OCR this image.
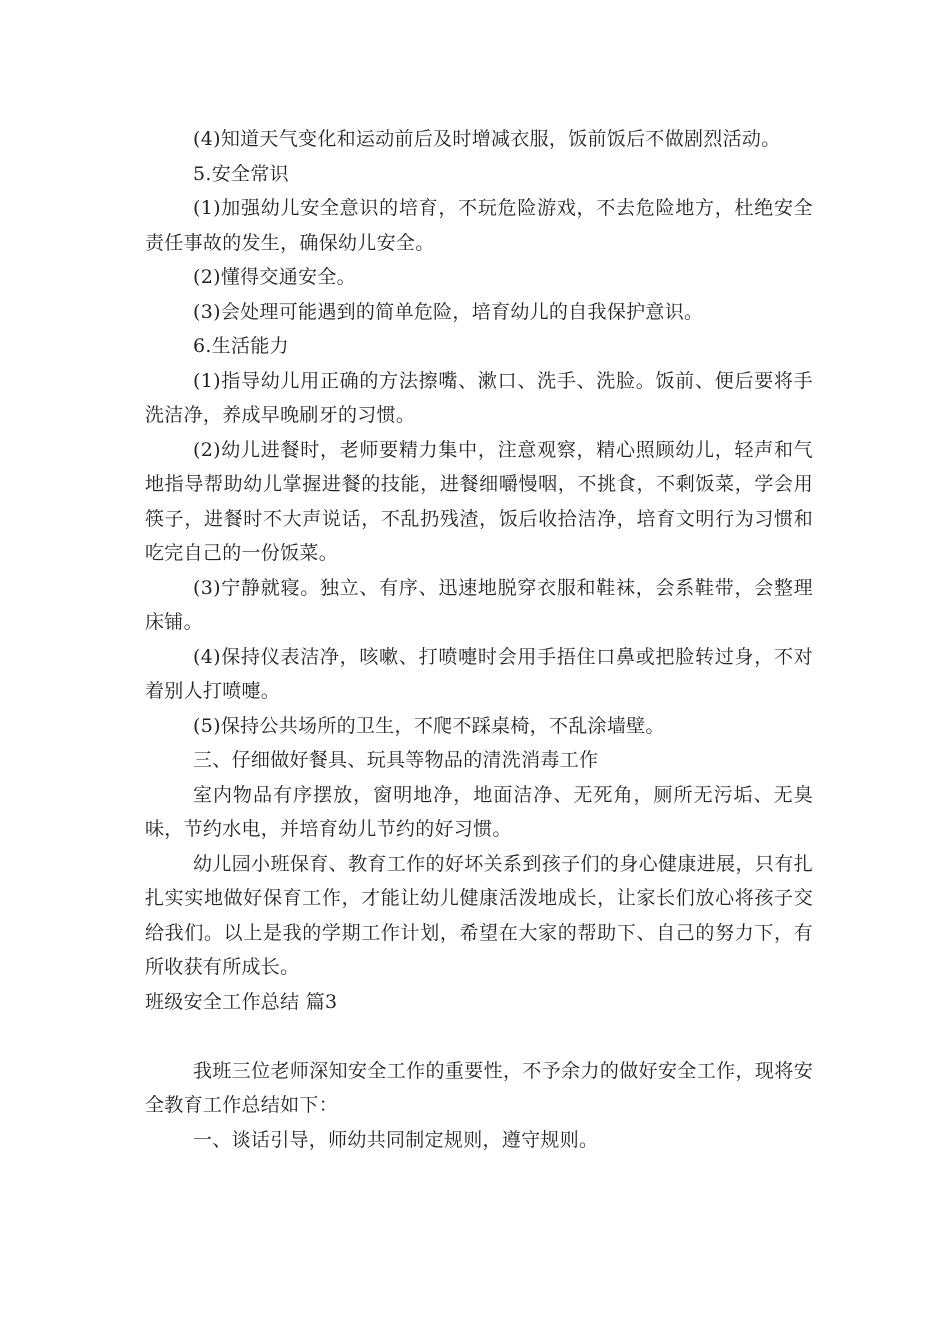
(4)知道天气变化和运动前后及时增减衣服，饭前饭后不做剧烈活动。

5.安全常识

(1)加强幼儿安全意识的培育，不玩危险游戏，不去危险地方，杜绝安全责任事故的发生，确保幼儿安全。

(2)懂得交通安全。

(3)会处理可能遇到的简单危险，培育幼儿的自我保护意识。

6.生活能力

(1)指导幼儿用正确的方法擦嘴、漱口、洗手、洗脸。饭前、便后要将手洗洁净，养成早晚刷牙的习惯。

(2)幼儿进餐时，老师要精力集中，注意观察，精心照顾幼儿，轻声和气地指导帮助幼儿掌握进餐的技能，进餐细嚼慢咽，不挑食，不剩饭菜，学会用筷子，进餐时不大声说话，不乱扔残渣，饭后收拾洁净，培育文明行为习惯和吃完自己的一份饭菜。

(3)宁静就寝。独立、有序、迅速地脱穿衣服和鞋袜，会系鞋带，会整理床铺。

(4)保持仪表洁净，咳嗽、打喷嚏时会用手捂住口鼻或把脸转过身，不对着别人打喷嚏。

(5)保持公共场所的卫生，不爬不踩桌椅，不乱涂墙壁。

三、仔细做好餐具、玩具等物品的清洗消毒工作

室内物品有序摆放，窗明地净，地面洁净、无死角，厕所无污垢、无臭味，节约水电，并培育幼儿节约的好习惯。

幼儿园小班保育、教育工作的好坏关系到孩子们的身心健康进展，只有扎扎实实地做好保育工作，才能让幼儿健康活泼地成长，让家长们放心将孩子交给我们。以上是我的学期工作计划，希望在大家的帮助下、自己的努力下，有所收获有所成长。

班级安全工作总结 篇3

我班三位老师深知安全工作的重要性，不予余力的做好安全工作，现将安全教育工作总结如下：

一、谈话引导，师幼共同制定规则，遵守规则。
